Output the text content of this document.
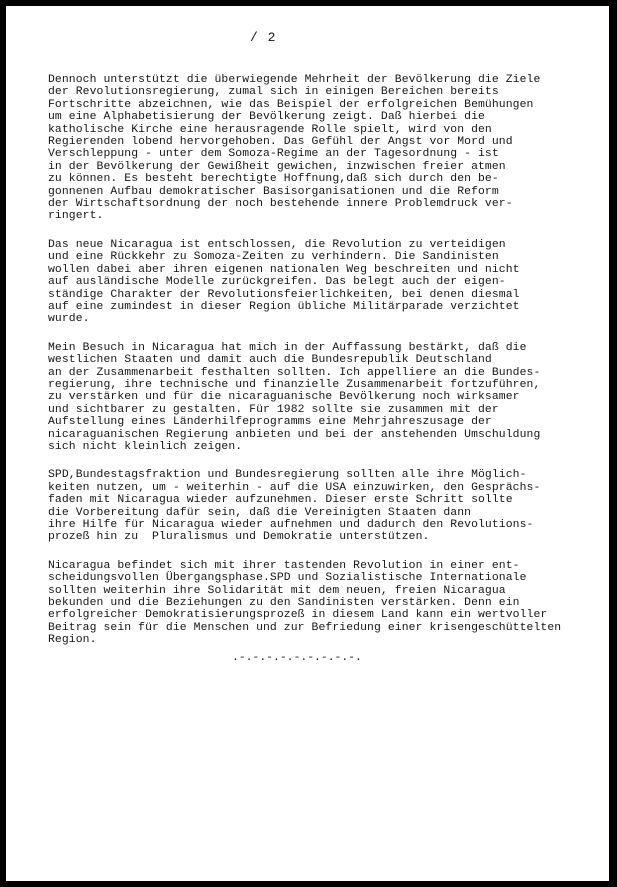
/ 2
Dennoch unterstützt die überwiegende Mehrheit der Bevölkerung die Ziele
der Revolutionsregierung, zumal sich in einigen Bereichen bereits
Fortschritte abzeichnen, wie das Beispiel der erfolgreichen Bemühungen
um eine Alphabetisierung der Bevölkerung zeigt. Daß hierbei die
katholische Kirche eine herausragende Rolle spielt, wird von den
Regierenden lobend hervorgehoben. Das Gefühl der Angst vor Mord und
Verschleppung - unter dem Somoza-Regime an der Tagesordnung - ist
in der Bevölkerung der Gewißheit gewichen, inzwischen freier atmen
zu können. Es besteht berechtigte Hoffnung,daß sich durch den be-
gonnenen Aufbau demokratischer Basisorganisationen und die Reform
der Wirtschaftsordnung der noch bestehende innere Problemdruck ver-
ringert.
Das neue Nicaragua ist entschlossen, die Revolution zu verteidigen
und eine Rückkehr zu Somoza-Zeiten zu verhindern. Die Sandinisten
wollen dabei aber ihren eigenen nationalen Weg beschreiten und nicht
auf ausländische Modelle zurückgreifen. Das belegt auch der eigen-
ständige Charakter der Revolutionsfeierlichkeiten, bei denen diesmal
auf eine zumindest in dieser Region übliche Militärparade verzichtet
wurde.
Mein Besuch in Nicaragua hat mich in der Auffassung bestärkt, daß die
westlichen Staaten und damit auch die Bundesrepublik Deutschland
an der Zusammenarbeit festhalten sollten. Ich appelliere an die Bundes-
regierung, ihre technische und finanzielle Zusammenarbeit fortzuführen,
zu verstärken und für die nicaraguanische Bevölkerung noch wirksamer
und sichtbarer zu gestalten. Für 1982 sollte sie zusammen mit der
Aufstellung eines Länderhilfeprogramms eine Mehrjahreszusage der
nicaraguanischen Regierung anbieten und bei der anstehenden Umschuldung
sich nicht kleinlich zeigen.
SPD,Bundestagsfraktion und Bundesregierung sollten alle ihre Möglich-
keiten nutzen, um - weiterhin - auf die USA einzuwirken, den Gesprächs-
faden mit Nicaragua wieder aufzunehmen. Dieser erste Schritt sollte
die Vorbereitung dafür sein, daß die Vereinigten Staaten dann
ihre Hilfe für Nicaragua wieder aufnehmen und dadurch den Revolutions-
prozeß hin zu  Pluralismus und Demokratie unterstützen.
Nicaragua befindet sich mit ihrer tastenden Revolution in einer ent-
scheidungsvollen Übergangsphase.SPD und Sozialistische Internationale
sollten weiterhin ihre Solidarität mit dem neuen, freien Nicaragua
bekunden und die Beziehungen zu den Sandinisten verstärken. Denn ein
erfolgreicher Demokratisierungsprozeß in diesem Land kann ein wertvoller
Beitrag sein für die Menschen und zur Befriedung einer krisengeschüttelten
Region.
.-.-.-.-.-.-.-.-.-.
